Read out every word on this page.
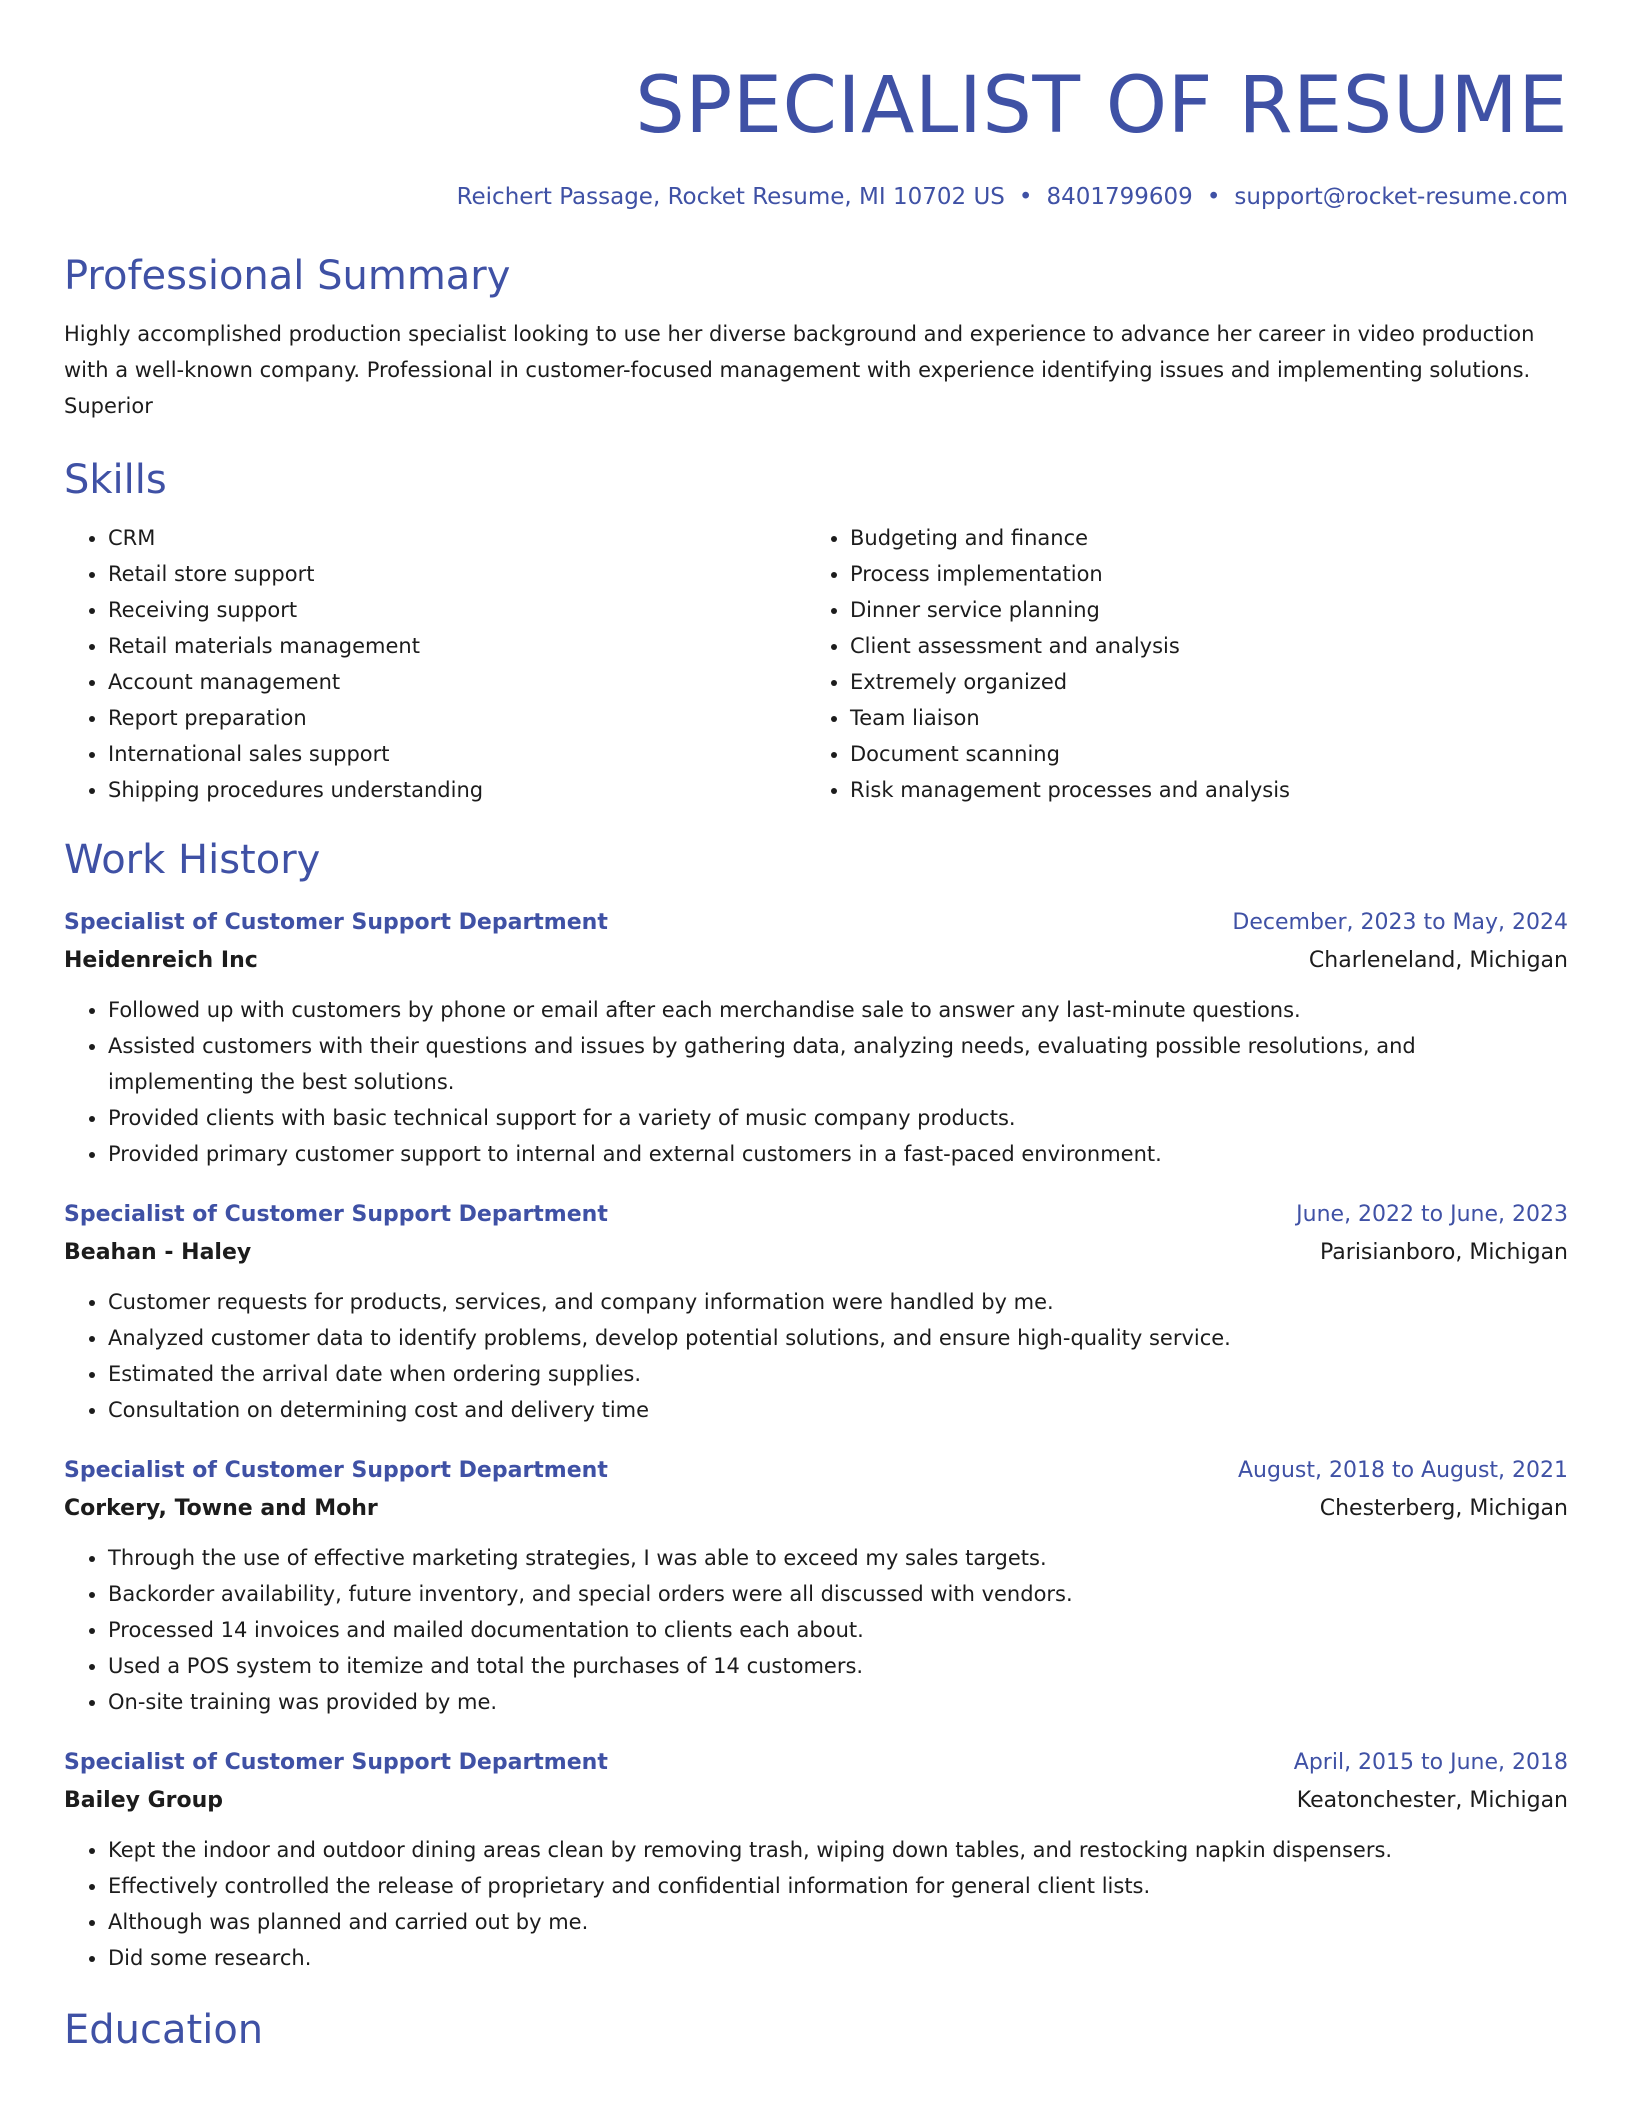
SPECIALIST OF RESUME
Reichert Passage, Rocket Resume, MI 10702 US • 8401799609 • support@rocket-resume.com
Professional Summary

Highly accomplished production specialist looking to use her diverse background and experience to advance her career in video production with a well-known company. Professional in customer-focused management with experience identifying issues and implementing solutions. Superior

Skills
• CRM
• Retail store support
• Receiving support
• Retail materials management
• Account management
• Report preparation
• International sales support
• Shipping procedures understanding
• Budgeting and finance
• Process implementation
• Dinner service planning
• Client assessment and analysis
• Extremely organized
• Team liaison
• Document scanning
• Risk management processes and analysis
Work History
Specialist of Customer Support Department	December, 2023 to May, 2024
Heidenreich Inc	Charleneland, Michigan
• Followed up with customers by phone or email after each merchandise sale to answer any last-minute questions.
• Assisted customers with their questions and issues by gathering data, analyzing needs, evaluating possible resolutions, and implementing the best solutions.
• Provided clients with basic technical support for a variety of music company products.
• Provided primary customer support to internal and external customers in a fast-paced environment.
Specialist of Customer Support Department	June, 2022 to June, 2023
Beahan - Haley	Parisianboro, Michigan
• Customer requests for products, services, and company information were handled by me.
• Analyzed customer data to identify problems, develop potential solutions, and ensure high-quality service.
• Estimated the arrival date when ordering supplies.
• Consultation on determining cost and delivery time
Specialist of Customer Support Department	August, 2018 to August, 2021
Corkery, Towne and Mohr	Chesterberg, Michigan
• Through the use of effective marketing strategies, I was able to exceed my sales targets.
• Backorder availability, future inventory, and special orders were all discussed with vendors.
• Processed 14 invoices and mailed documentation to clients each about.
• Used a POS system to itemize and total the purchases of 14 customers.
• On-site training was provided by me.
Specialist of Customer Support Department	April, 2015 to June, 2018
Bailey Group	Keatonchester, Michigan
• Kept the indoor and outdoor dining areas clean by removing trash, wiping down tables, and restocking napkin dispensers.
• Effectively controlled the release of proprietary and confidential information for general client lists.
• Although was planned and carried out by me.
• Did some research.
Education
